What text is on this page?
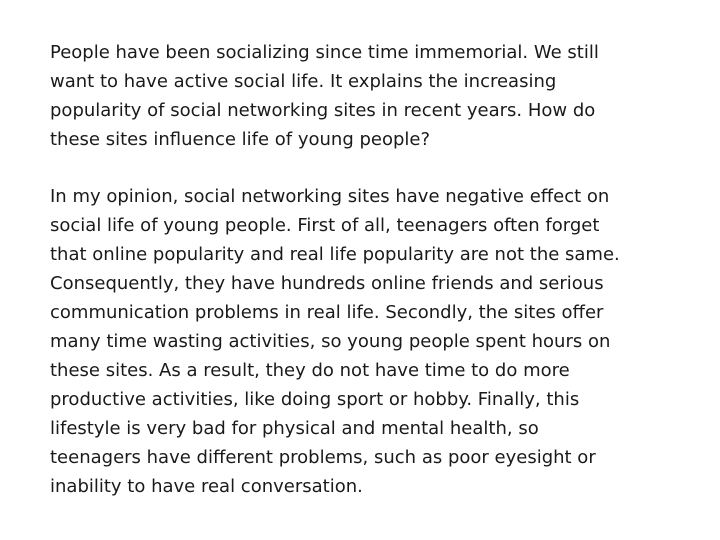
People have been socializing since time immemorial. We still
want to have active social life. It explains the increasing
popularity of social networking sites in recent years. How do
these sites influence life of young people?

In my opinion, social networking sites have negative effect on
social life of young people. First of all, teenagers often forget
that online popularity and real life popularity are not the same.
Consequently, they have hundreds online friends and serious
communication problems in real life. Secondly, the sites offer
many time wasting activities, so young people spent hours on
these sites. As a result, they do not have time to do more
productive activities, like doing sport or hobby. Finally, this
lifestyle is very bad for physical and mental health, so
teenagers have different problems, such as poor eyesight or
inability to have real conversation.
